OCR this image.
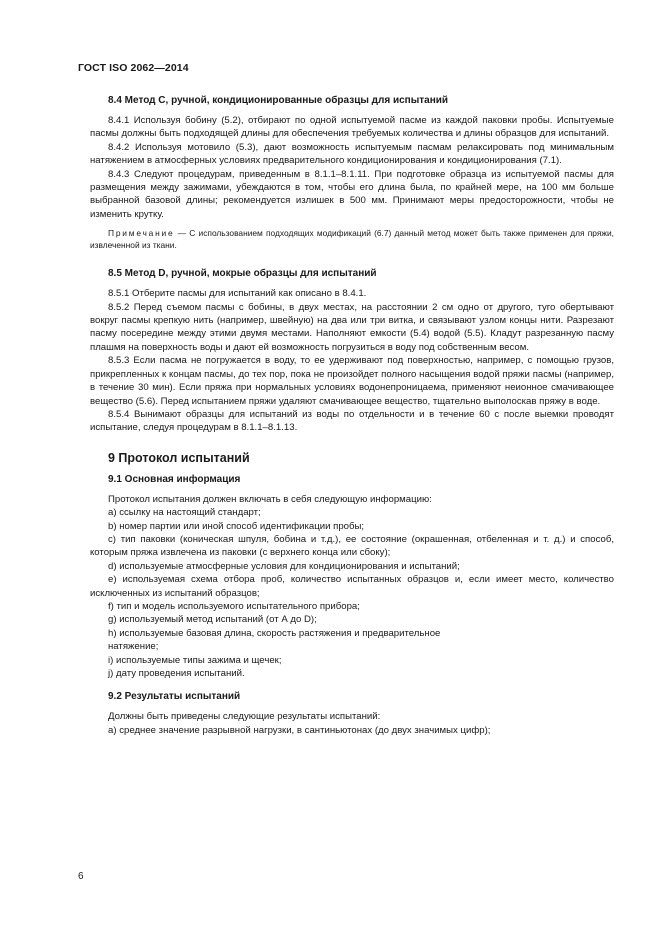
ГОСТ ISO 2062—2014
8.4 Метод С, ручной, кондиционированные образцы для испытаний

8.4.1 Используя бобину (5.2), отбирают по одной испытуемой пасме из каждой паковки пробы. Испытуемые пасмы должны быть подходящей длины для обеспечения требуемых количества и длины образцов для испытаний.

8.4.2 Используя мотовило (5.3), дают возможность испытуемым пасмам релаксировать под минимальным натяжением в атмосферных условиях предварительного кондиционирования и кондиционирования (7.1).

8.4.3 Следуют процедурам, приведенным в 8.1.1–8.1.11. При подготовке образца из испытуемой пасмы для размещения между зажимами, убеждаются в том, чтобы его длина была, по крайней мере, на 100 мм больше выбранной базовой длины; рекомендуется излишек в 500 мм. Принимают меры предосторожности, чтобы не изменить крутку.

Примечание — С использованием подходящих модификаций (6.7) данный метод может быть также применен для пряжи, извлеченной из ткани.

8.5 Метод D, ручной, мокрые образцы для испытаний

8.5.1 Отберите пасмы для испытаний как описано в 8.4.1.

8.5.2 Перед съемом пасмы с бобины, в двух местах, на расстоянии 2 см одно от другого, туго обертывают вокруг пасмы крепкую нить (например, швейную) на два или три витка, и связывают узлом концы нити. Разрезают пасму посередине между этими двумя местами. Наполняют емкости (5.4) водой (5.5). Кладут разрезанную пасму плашмя на поверхность воды и дают ей возможность погрузиться в воду под собственным весом.

8.5.3 Если пасма не погружается в воду, то ее удерживают под поверхностью, например, с помощью грузов, прикрепленных к концам пасмы, до тех пор, пока не произойдет полного насыщения водой пряжи пасмы (например, в течение 30 мин). Если пряжа при нормальных условиях водонепроницаема, применяют неионное смачивающее вещество (5.6). Перед испытанием пряжи удаляют смачивающее вещество, тщательно выполоскав пряжу в воде.

8.5.4 Вынимают образцы для испытаний из воды по отдельности и в течение 60 с после выемки проводят испытание, следуя процедурам в 8.1.1–8.1.13.

9 Протокол испытаний
9.1 Основная информация

Протокол испытания должен включать в себя следующую информацию:

a) ссылку на настоящий стандарт;

b) номер партии или иной способ идентификации пробы;

c) тип паковки (коническая шпуля, бобина и т.д.), ее состояние (окрашенная, отбеленная и т. д.) и способ, которым пряжа извлечена из паковки (с верхнего конца или сбоку);

d) используемые атмосферные условия для кондиционирования и испытаний;

e) используемая схема отбора проб, количество испытанных образцов и, если имеет место, количество исключенных из испытаний образцов;

f) тип и модель используемого испытательного прибора;

g) используемый метод испытаний (от А до D);

h) используемые базовая длина, скорость растяжения и предварительное

натяжение;

i) используемые типы зажима и щечек;

j) дату проведения испытаний.

9.2 Результаты испытаний

Должны быть приведены следующие результаты испытаний:

a) среднее значение разрывной нагрузки, в сантиньютонах (до двух значимых цифр);

6
